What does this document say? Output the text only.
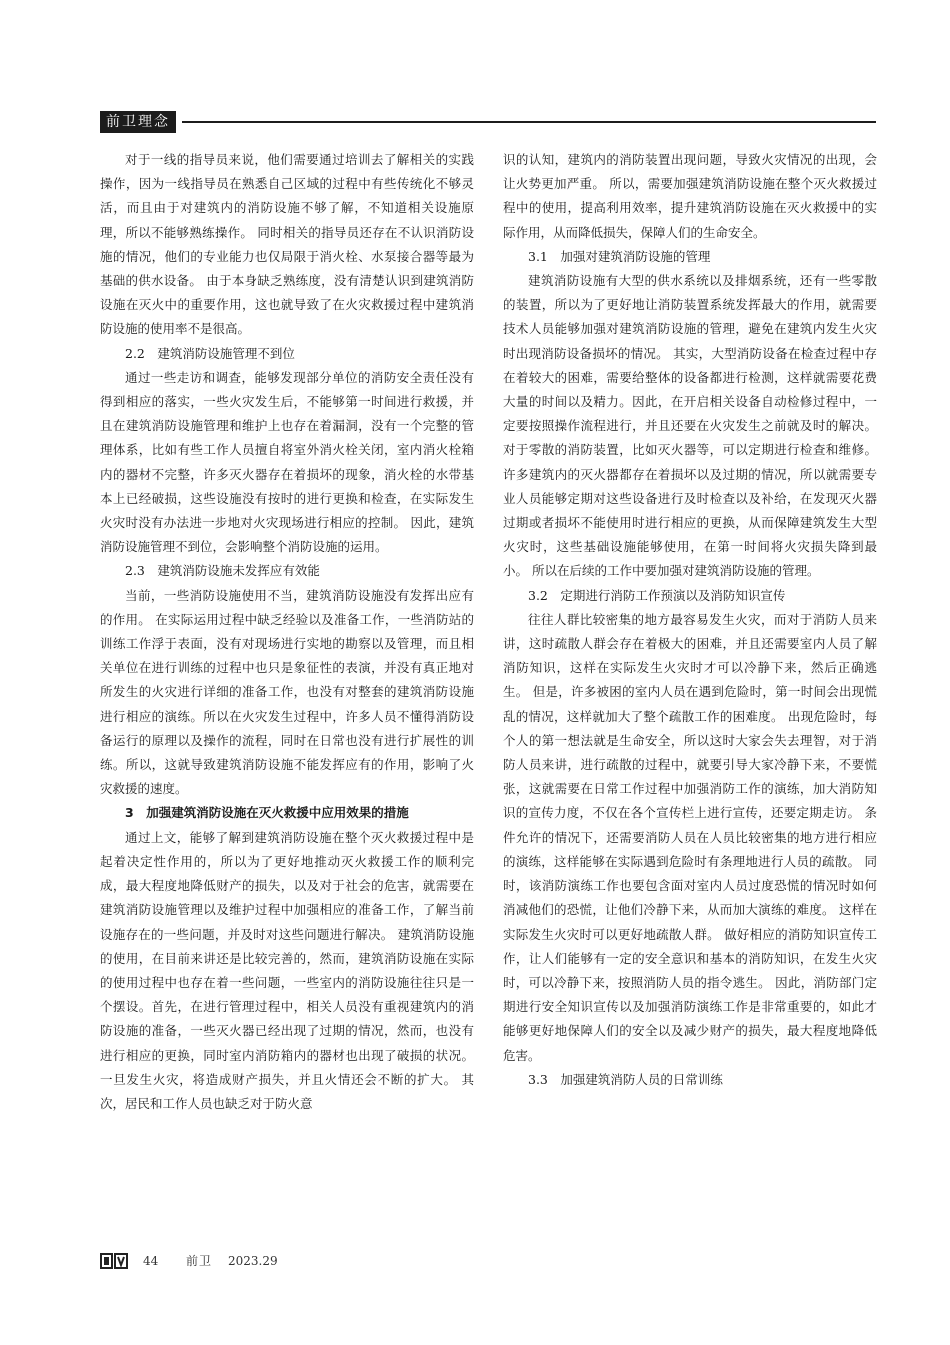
前卫理念

对于一线的指导员来说，他们需要通过培训去了解相关的实践操作，因为一线指导员在熟悉自己区域的过程中有些传统化不够灵活，而且由于对建筑内的消防设施不够了解，不知道相关设施原理，所以不能够熟练操作。 同时相关的指导员还存在不认识消防设施的情况，他们的专业能力也仅局限于消火栓、水泵接合器等最为基础的供水设备。 由于本身缺乏熟练度，没有清楚认识到建筑消防设施在灭火中的重要作用，这也就导致了在火灾救援过程中建筑消防设施的使用率不是很高。

2.2　建筑消防设施管理不到位

通过一些走访和调查，能够发现部分单位的消防安全责任没有得到相应的落实，一些火灾发生后，不能够第一时间进行救援，并且在建筑消防设施管理和维护上也存在着漏洞，没有一个完整的管理体系，比如有些工作人员擅自将室外消火栓关闭，室内消火栓箱内的器材不完整，许多灭火器存在着损坏的现象，消火栓的水带基本上已经破损，这些设施没有按时的进行更换和检查，在实际发生火灾时没有办法进一步地对火灾现场进行相应的控制。 因此，建筑消防设施管理不到位，会影响整个消防设施的运用。

2.3　建筑消防设施未发挥应有效能

当前，一些消防设施使用不当，建筑消防设施没有发挥出应有的作用。 在实际运用过程中缺乏经验以及准备工作，一些消防站的训练工作浮于表面，没有对现场进行实地的勘察以及管理，而且相关单位在进行训练的过程中也只是象征性的表演，并没有真正地对所发生的火灾进行详细的准备工作，也没有对整套的建筑消防设施进行相应的演练。所以在火灾发生过程中，许多人员不懂得消防设备运行的原理以及操作的流程，同时在日常也没有进行扩展性的训练。所以，这就导致建筑消防设施不能发挥应有的作用，影响了火灾救援的速度。

3　加强建筑消防设施在灭火救援中应用效果的措施

通过上文，能够了解到建筑消防设施在整个灭火救援过程中是起着决定性作用的，所以为了更好地推动灭火救援工作的顺利完成，最大程度地降低财产的损失，以及对于社会的危害，就需要在建筑消防设施管理以及维护过程中加强相应的准备工作，了解当前设施存在的一些问题，并及时对这些问题进行解决。 建筑消防设施的使用，在目前来讲还是比较完善的，然而，建筑消防设施在实际的使用过程中也存在着一些问题，一些室内的消防设施往往只是一个摆设。首先，在进行管理过程中，相关人员没有重视建筑内的消防设施的准备，一些灭火器已经出现了过期的情况，然而，也没有进行相应的更换，同时室内消防箱内的器材也出现了破损的状况。 一旦发生火灾，将造成财产损失，并且火情还会不断的扩大。 其次，居民和工作人员也缺乏对于防火意

识的认知，建筑内的消防装置出现问题，导致火灾情况的出现，会让火势更加严重。 所以，需要加强建筑消防设施在整个灭火救援过程中的使用，提高利用效率，提升建筑消防设施在灭火救援中的实际作用，从而降低损失，保障人们的生命安全。

3.1　加强对建筑消防设施的管理

建筑消防设施有大型的供水系统以及排烟系统，还有一些零散的装置，所以为了更好地让消防装置系统发挥最大的作用，就需要技术人员能够加强对建筑消防设施的管理，避免在建筑内发生火灾时出现消防设备损坏的情况。 其实，大型消防设备在检查过程中存在着较大的困难，需要给整体的设备都进行检测，这样就需要花费大量的时间以及精力。因此，在开启相关设备自动检修过程中，一定要按照操作流程进行，并且还要在火灾发生之前就及时的解决。 对于零散的消防装置，比如灭火器等，可以定期进行检查和维修。许多建筑内的灭火器都存在着损坏以及过期的情况，所以就需要专业人员能够定期对这些设备进行及时检查以及补给，在发现灭火器过期或者损坏不能使用时进行相应的更换，从而保障建筑发生大型火灾时，这些基础设施能够使用，在第一时间将火灾损失降到最小。 所以在后续的工作中要加强对建筑消防设施的管理。

3.2　定期进行消防工作预演以及消防知识宣传

往往人群比较密集的地方最容易发生火灾，而对于消防人员来讲，这时疏散人群会存在着极大的困难，并且还需要室内人员了解消防知识，这样在实际发生火灾时才可以冷静下来，然后正确逃生。 但是，许多被困的室内人员在遇到危险时，第一时间会出现慌乱的情况，这样就加大了整个疏散工作的困难度。 出现危险时，每个人的第一想法就是生命安全，所以这时大家会失去理智，对于消防人员来讲，进行疏散的过程中，就要引导大家冷静下来，不要慌张，这就需要在日常工作过程中加强消防工作的演练，加大消防知识的宣传力度，不仅在各个宣传栏上进行宣传，还要定期走访。 条件允许的情况下，还需要消防人员在人员比较密集的地方进行相应的演练，这样能够在实际遇到危险时有条理地进行人员的疏散。 同时，该消防演练工作也要包含面对室内人员过度恐慌的情况时如何消减他们的恐慌，让他们冷静下来，从而加大演练的难度。 这样在实际发生火灾时可以更好地疏散人群。 做好相应的消防知识宣传工作，让人们能够有一定的安全意识和基本的消防知识，在发生火灾时，可以冷静下来，按照消防人员的指令逃生。 因此，消防部门定期进行安全知识宣传以及加强消防演练工作是非常重要的，如此才能够更好地保障人们的安全以及减少财产的损失，最大程度地降低危害。

3.3　加强建筑消防人员的日常训练
44 前卫 2023.29
